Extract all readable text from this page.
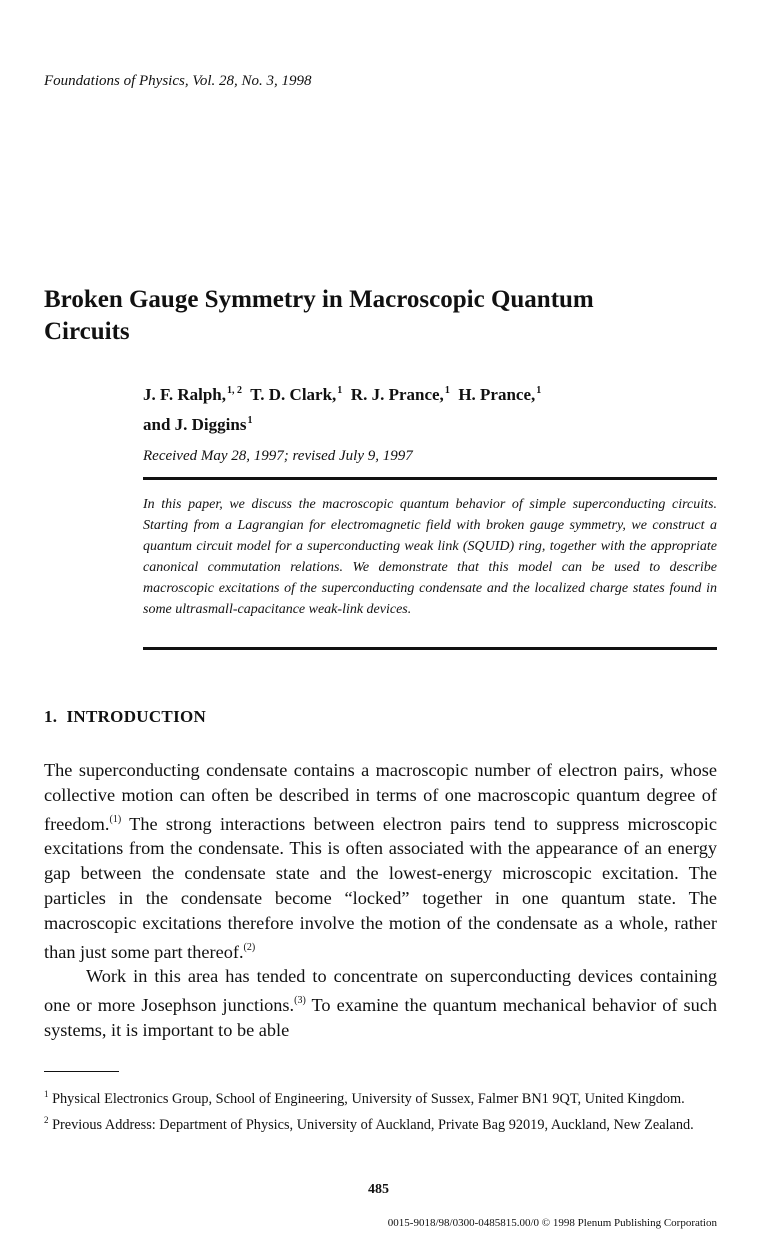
Foundations of Physics, Vol. 28, No. 3, 1998
Broken Gauge Symmetry in Macroscopic Quantum Circuits
J. F. Ralph,$^{1, 2}$ T. D. Clark,$^1$ R. J. Prance,$^1$ H. Prance,$^1$
and J. Diggins$^1$
Received May 28, 1997; revised July 9, 1997
In this paper, we discuss the macroscopic quantum behavior of simple superconducting circuits. Starting from a Lagrangian for electromagnetic field with broken gauge symmetry, we construct a quantum circuit model for a superconducting weak link (SQUID) ring, together with the appropriate canonical commutation relations. We demonstrate that this model can be used to describe macroscopic excitations of the superconducting condensate and the localized charge states found in some ultrasmall-capacitance weak-link devices.
1. INTRODUCTION

The superconducting condensate contains a macroscopic number of electron pairs, whose collective motion can often be described in terms of one macroscopic quantum degree of freedom.$^{(1)}$ The strong interactions between electron pairs tend to suppress microscopic excitations from the condensate. This is often associated with the appearance of an energy gap between the condensate state and the lowest-energy microscopic excitation. The particles in the condensate become “locked” together in one quantum state. The macroscopic excitations therefore involve the motion of the condensate as a whole, rather than just some part thereof.$^{(2)}$

Work in this area has tended to concentrate on superconducting devices containing one or more Josephson junctions.$^{(3)}$ To examine the quantum mechanical behavior of such systems, it is important to be able

$^1$ Physical Electronics Group, School of Engineering, University of Sussex, Falmer BN1 9QT, United Kingdom.

$^2$ Previous Address: Department of Physics, University of Auckland, Private Bag 92019, Auckland, New Zealand.

485
0015-9018/98/0300-0485815.00/0 © 1998 Plenum Publishing Corporation
